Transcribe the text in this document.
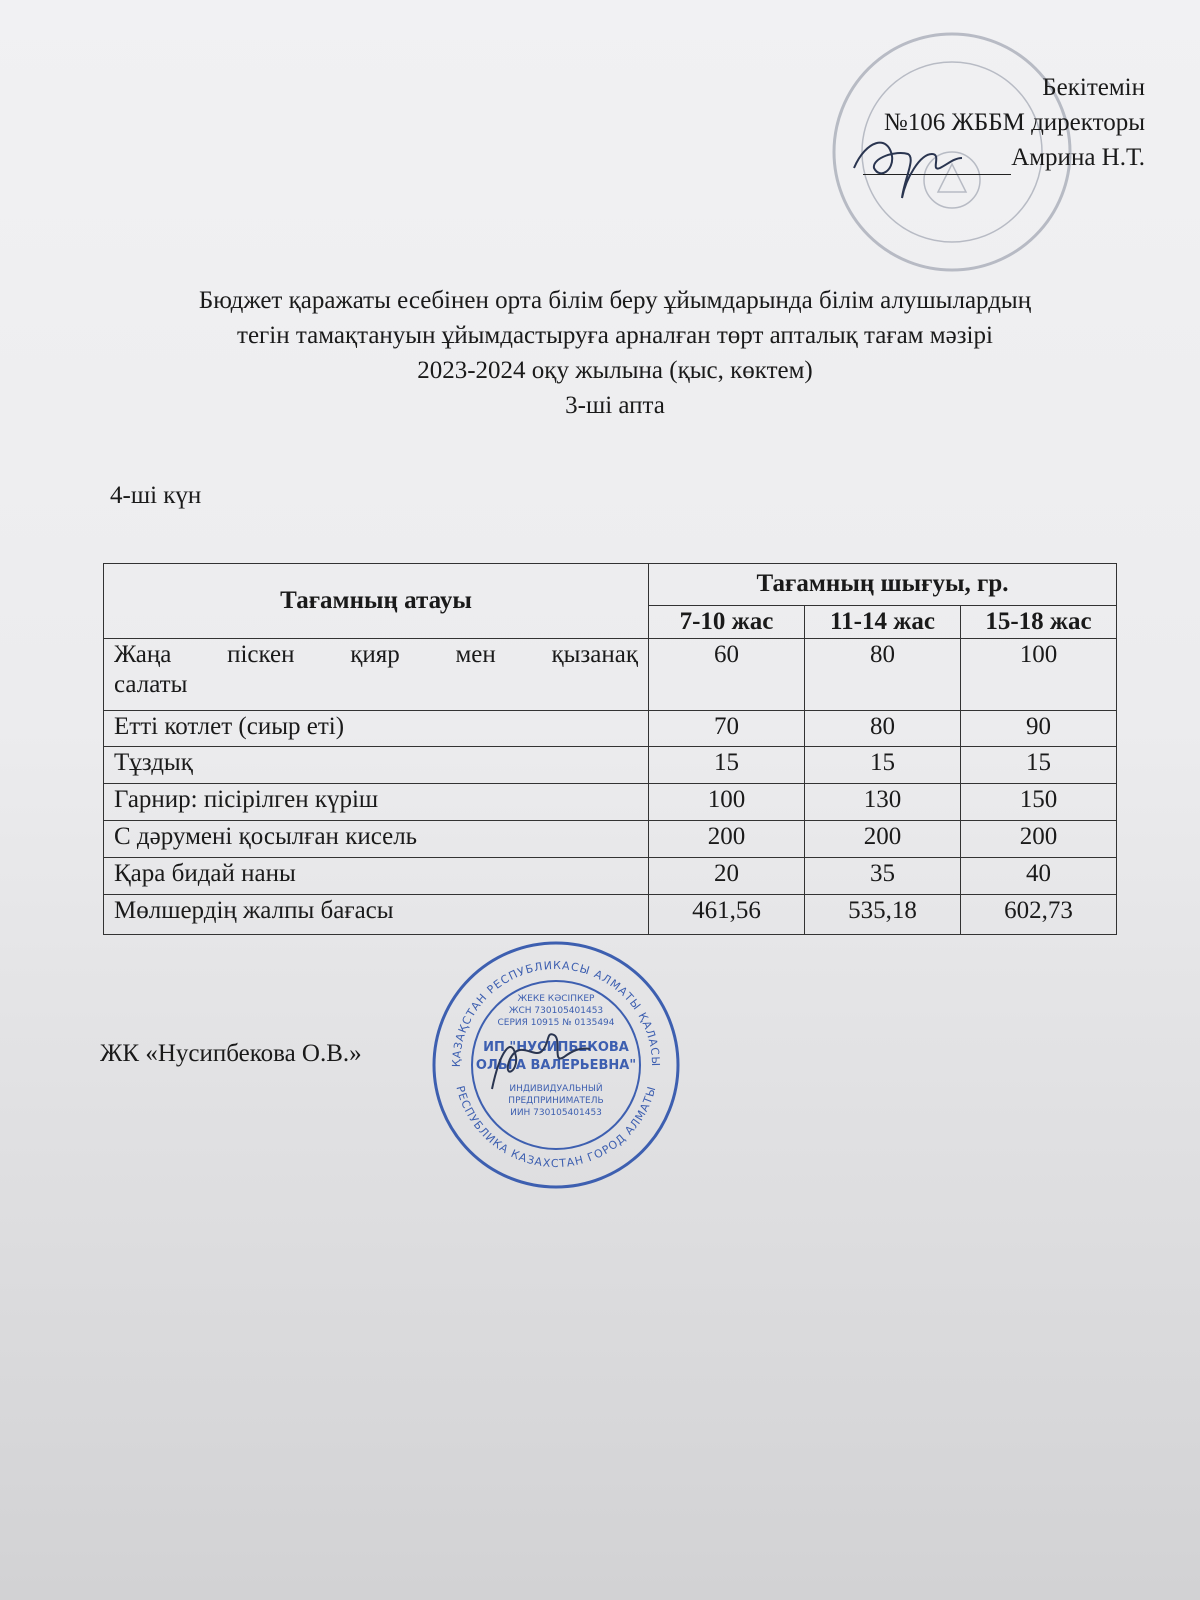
Бекітемін
№106 ЖББМ директоры
Амрина Н.Т.
Бюджет қаражаты есебінен орта білім беру ұйымдарында білім алушылардың
тегін тамақтануын ұйымдастыруға арналған төрт апталық тағам мәзірі
2023-2024 оқу жылына (қыс, көктем)
3-ші апта
4-ші күн
Тағамның атауы	Тағамның шығуы, гр.		
	7-10 жас	11-14 жас	15-18 жас

Жаңа піскен қияр мен қызанақ
салаты	60	80	100
Етті котлет (сиыр еті)	70	80	90
Тұздық	15	15	15
Гарнир: пісірілген күріш	100	130	150
С дәрумені қосылған кисель	200	200	200
Қара бидай наны	20	35	40
Мөлшердің жалпы бағасы	461,56	535,18	602,73
ЖК «Нусипбекова О.В.»	ҚАЗАҚСТАН РЕСПУБЛИКАСЫ АЛМАТЫ ҚАЛАСЫ
РЕСПУБЛИКА КАЗАХСТАН ГОРОД АЛМАТЫ
ЖЕКЕ КӘСІПКЕР
ЖСН 730105401453
СЕРИЯ 10915 № 0135494
ИП "НУСИПБЕКОВА
ОЛЬГА ВАЛЕРЬЕВНА"
ИНДИВИДУАЛЬНЫЙ
ПРЕДПРИНИМАТЕЛЬ
ИИН 730105401453
